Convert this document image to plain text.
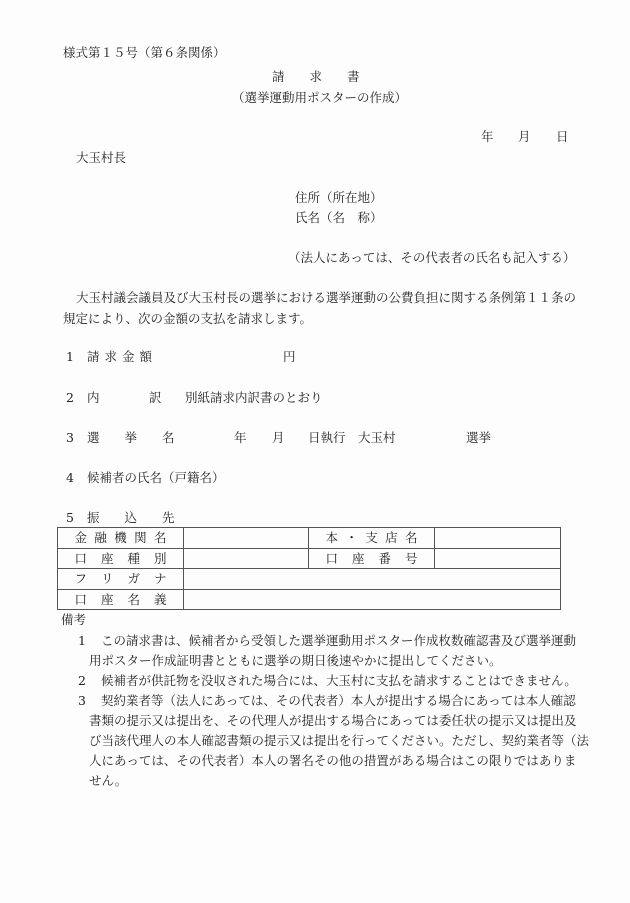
様式第１５号（第６条関係）
請　　求　　書
（選挙運動用ポスターの作成）
年 月 日
大玉村長
住所（所在地）
氏名（名　称）
（法人にあっては、その代表者の氏名も記入する）
大玉村議会議員及び大玉村長の選挙における選挙運動の公費負担に関する条例第１１条の
規定により、次の金額の支払を請求します。
1 請求金額	円
2 内	訳 別紙請求内訳書のとおり
3 選　　挙　　名	年 月 日執行　大玉村	選挙
4 候補者の氏名（戸籍名）
5 振　　込　　先
金 融 機 関 名		本 ・ 支 店 名	

口 座 種 別		口 座 番 号	

フ リ ガ ナ			

口 座 名 義			

備考
1 この請求書は、候補者から受領した選挙運動用ポスター作成枚数確認書及び選挙運動
用ポスター作成証明書とともに選挙の期日後速やかに提出してください。
2 候補者が供託物を没収された場合には、大玉村に支払を請求することはできません。
3 契約業者等（法人にあっては、その代表者）本人が提出する場合にあっては本人確認
書類の提示又は提出を、その代理人が提出する場合にあっては委任状の提示又は提出及
び当該代理人の本人確認書類の提示又は提出を行ってください。ただし、契約業者等（法
人にあっては、その代表者）本人の署名その他の措置がある場合はこの限りではありま
せん。
